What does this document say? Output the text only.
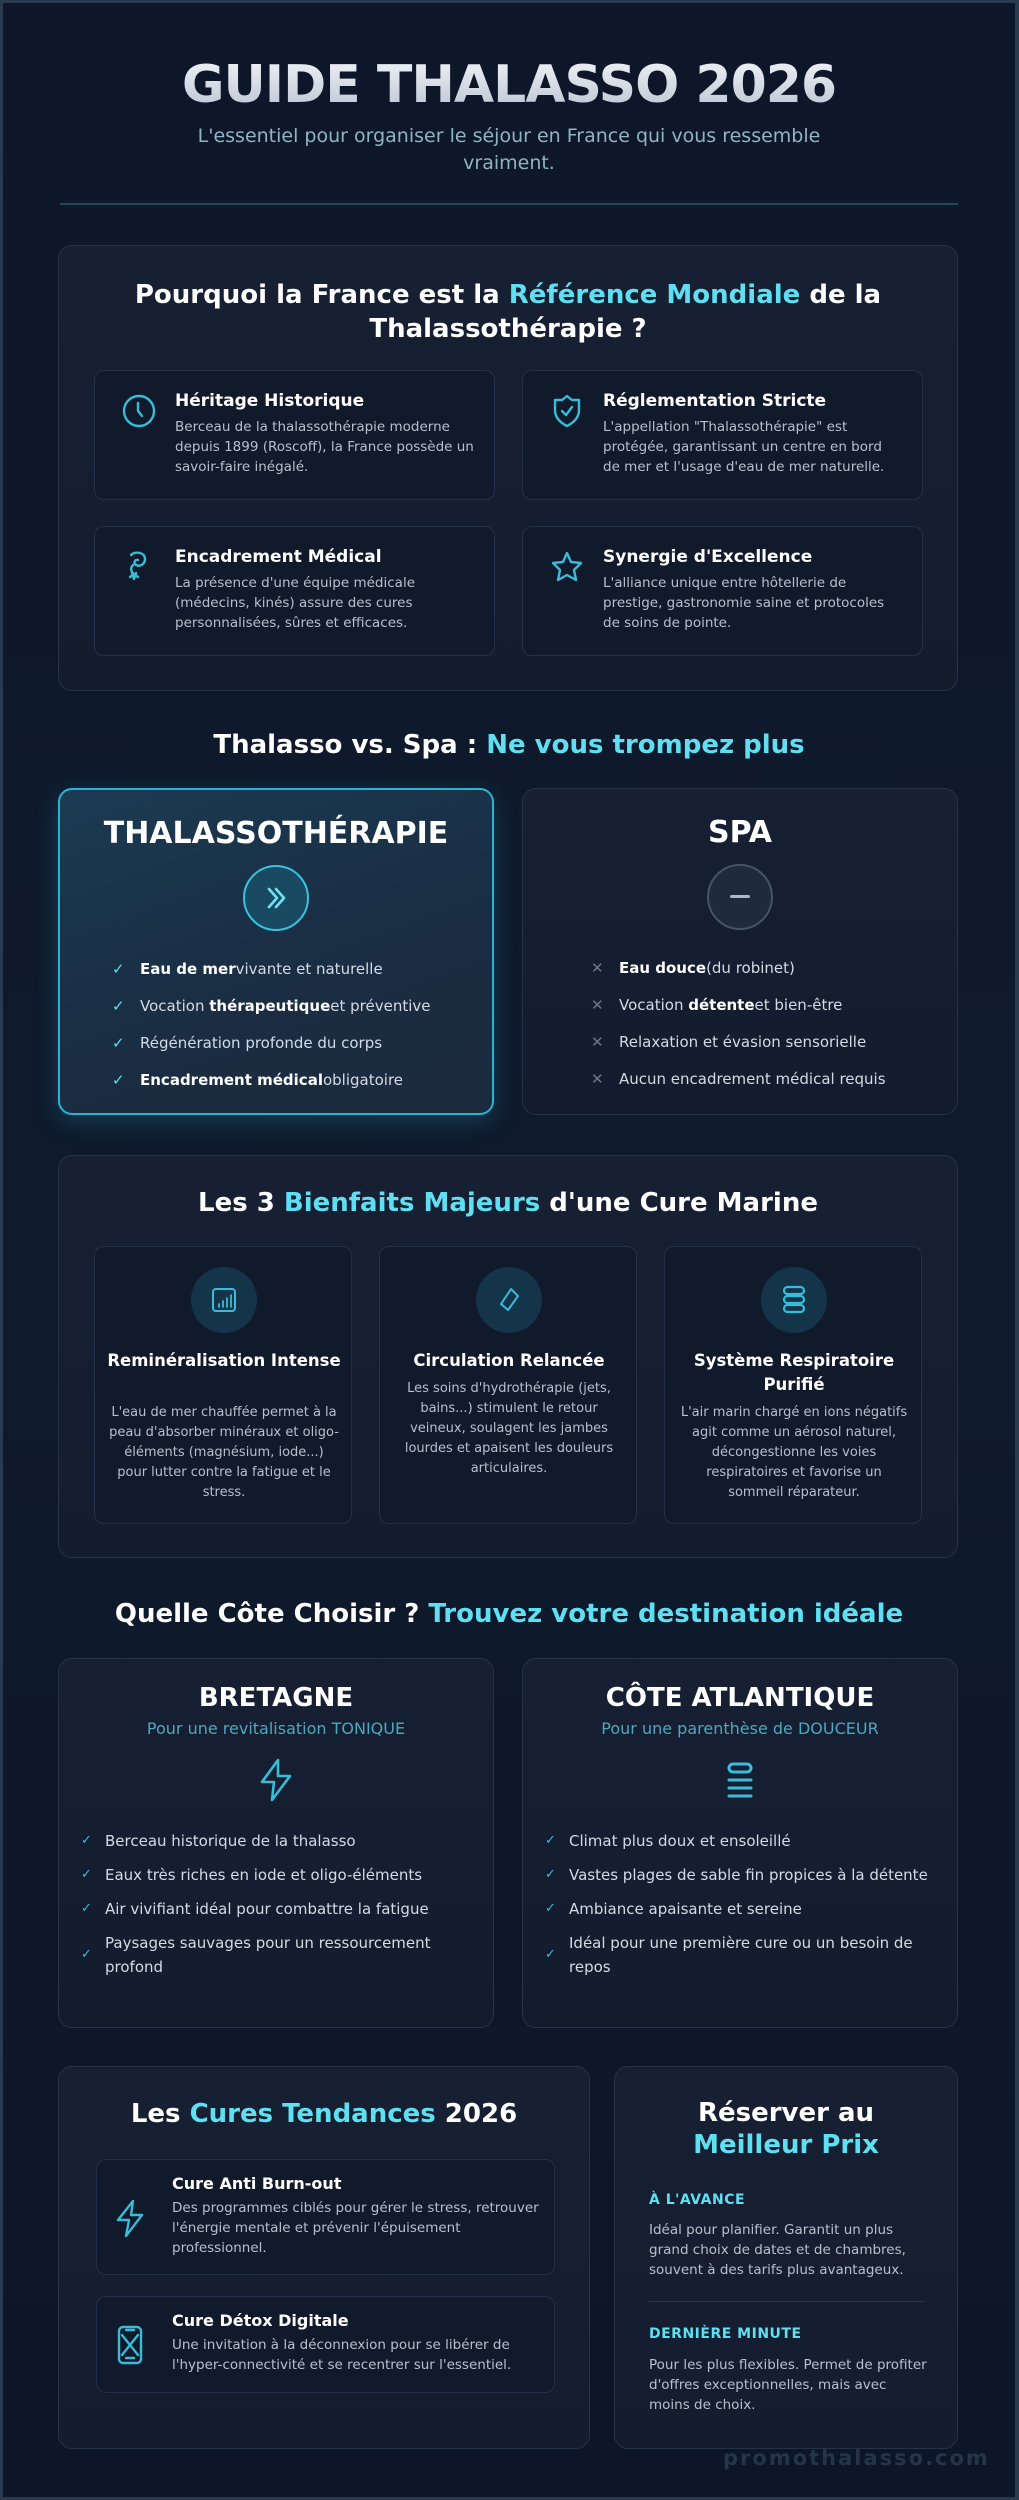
GUIDE THALASSO 2026

L'essentiel pour organiser le séjour en France qui vous ressemble vraiment.

Pourquoi la France est la Référence Mondiale de la Thalassothérapie ?
Héritage Historique
Berceau de la thalassothérapie moderne depuis 1899 (Roscoff), la France possède un savoir-faire inégalé.
Réglementation Stricte
L'appellation "Thalassothérapie" est protégée, garantissant un centre en bord de mer et l'usage d'eau de mer naturelle.
Encadrement Médical
La présence d'une équipe médicale (médecins, kinés) assure des cures personnalisées, sûres et efficaces.
Synergie d'Excellence
L'alliance unique entre hôtellerie de prestige, gastronomie saine et protocoles de soins de pointe.
Thalasso vs. Spa : Ne vous trompez plus
THALASSOTHÉRAPIE
✓	Eau de mer vivante et naturelle
✓	Vocation
thérapeutique et préventive
✓	Régénération profonde du corps
✓	Encadrement médical obligatoire
SPA
✕	Eau douce (du robinet)
✕	Vocation
détente et bien-être
✕	Relaxation et évasion sensorielle
✕	Aucun encadrement médical requis
Les 3 Bienfaits Majeurs d'une Cure Marine
Reminéralisation Intense
L'eau de mer chauffée permet à la peau d'absorber minéraux et oligo-éléments (magnésium, iode...) pour lutter contre la fatigue et le stress.
Circulation Relancée
Les soins d'hydrothérapie (jets, bains...) stimulent le retour veineux, soulagent les jambes lourdes et apaisent les douleurs articulaires.
Système Respiratoire Purifié
L'air marin chargé en ions négatifs agit comme un aérosol naturel, décongestionne les voies respiratoires et favorise un sommeil réparateur.
Quelle Côte Choisir ? Trouvez votre destination idéale
BRETAGNE
Pour une revitalisation TONIQUE
✓ Berceau historique de la thalasso
✓ Eaux très riches en iode et oligo-éléments
✓ Air vivifiant idéal pour combattre la fatigue
✓
Paysages sauvages pour un ressourcement profond
CÔTE ATLANTIQUE
Pour une parenthèse de DOUCEUR
✓ Climat plus doux et ensoleillé
✓ Vastes plages de sable fin propices à la détente
✓ Ambiance apaisante et sereine
✓
Idéal pour une première cure ou un besoin de repos
Les Cures Tendances 2026
Cure Anti Burn-out
Des programmes ciblés pour gérer le stress, retrouver l'énergie mentale et prévenir l'épuisement professionnel.
Cure Détox Digitale
Une invitation à la déconnexion pour se libérer de l'hyper-connectivité et se recentrer sur l'essentiel.
Réserver au
Meilleur Prix
À L'AVANCE
Idéal pour planifier. Garantit un plus grand choix de dates et de chambres, souvent à des tarifs plus avantageux.
DERNIÈRE MINUTE
Pour les plus flexibles. Permet de profiter d'offres exceptionnelles, mais avec moins de choix.
promothalasso.com
